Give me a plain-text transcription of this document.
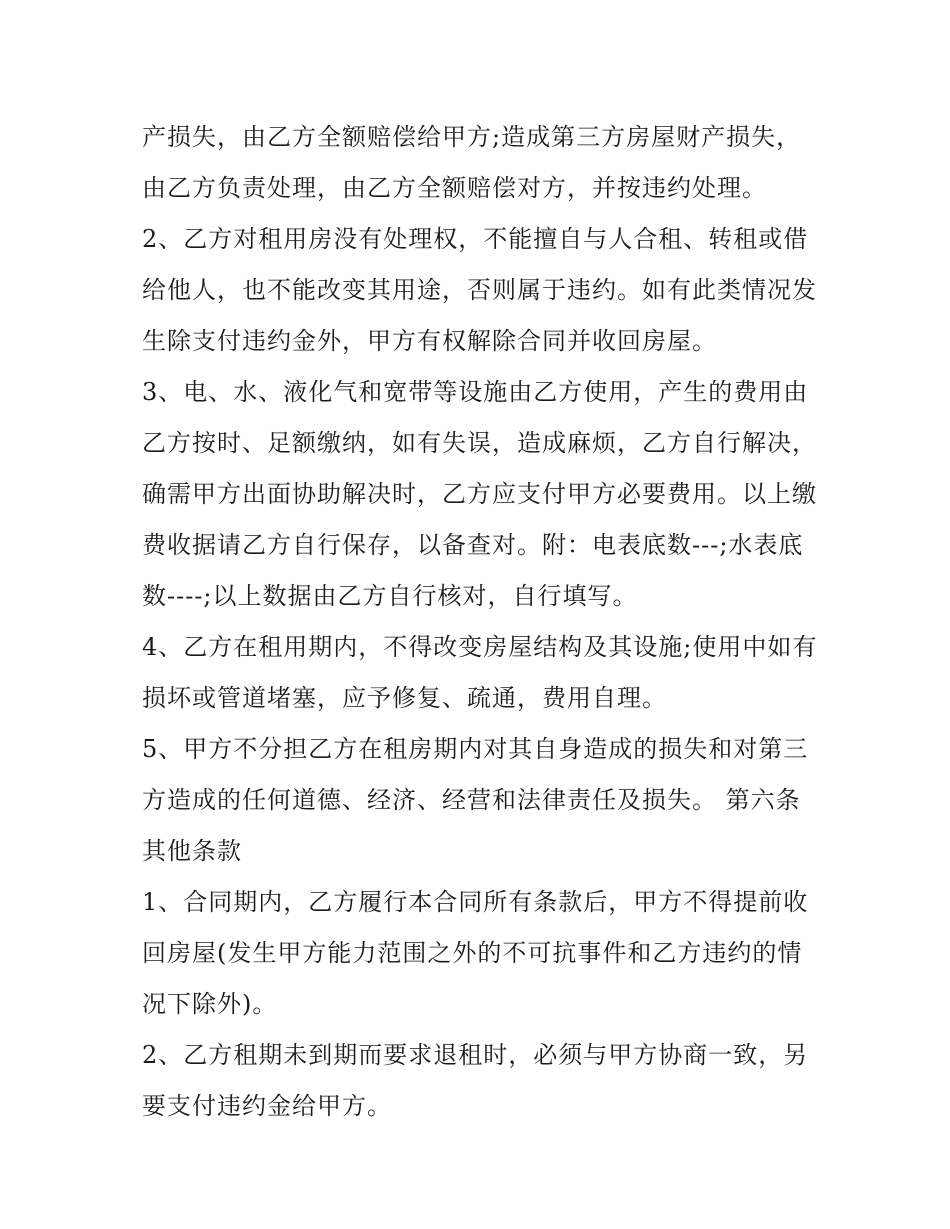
产损失，由乙方全额赔偿给甲方;造成第三方房屋财产损失，
由乙方负责处理，由乙方全额赔偿对方，并按违约处理。
2、乙方对租用房没有处理权，不能擅自与人合租、转租或借
给他人，也不能改变其用途，否则属于违约。如有此类情况发
生除支付违约金外，甲方有权解除合同并收回房屋。
3、电、水、液化气和宽带等设施由乙方使用，产生的费用由
乙方按时、足额缴纳，如有失误，造成麻烦，乙方自行解决，
确需甲方出面协助解决时，乙方应支付甲方必要费用。以上缴
费收据请乙方自行保存，以备查对。附：电表底数---;水表底
数----;以上数据由乙方自行核对，自行填写。
4、乙方在租用期内，不得改变房屋结构及其设施;使用中如有
损坏或管道堵塞，应予修复、疏通，费用自理。
5、甲方不分担乙方在租房期内对其自身造成的损失和对第三
方造成的任何道德、经济、经营和法律责任及损失。 第六条
其他条款
1、合同期内，乙方履行本合同所有条款后，甲方不得提前收
回房屋(发生甲方能力范围之外的不可抗事件和乙方违约的情
况下除外)。
2、乙方租期未到期而要求退租时，必须与甲方协商一致，另
要支付违约金给甲方。
